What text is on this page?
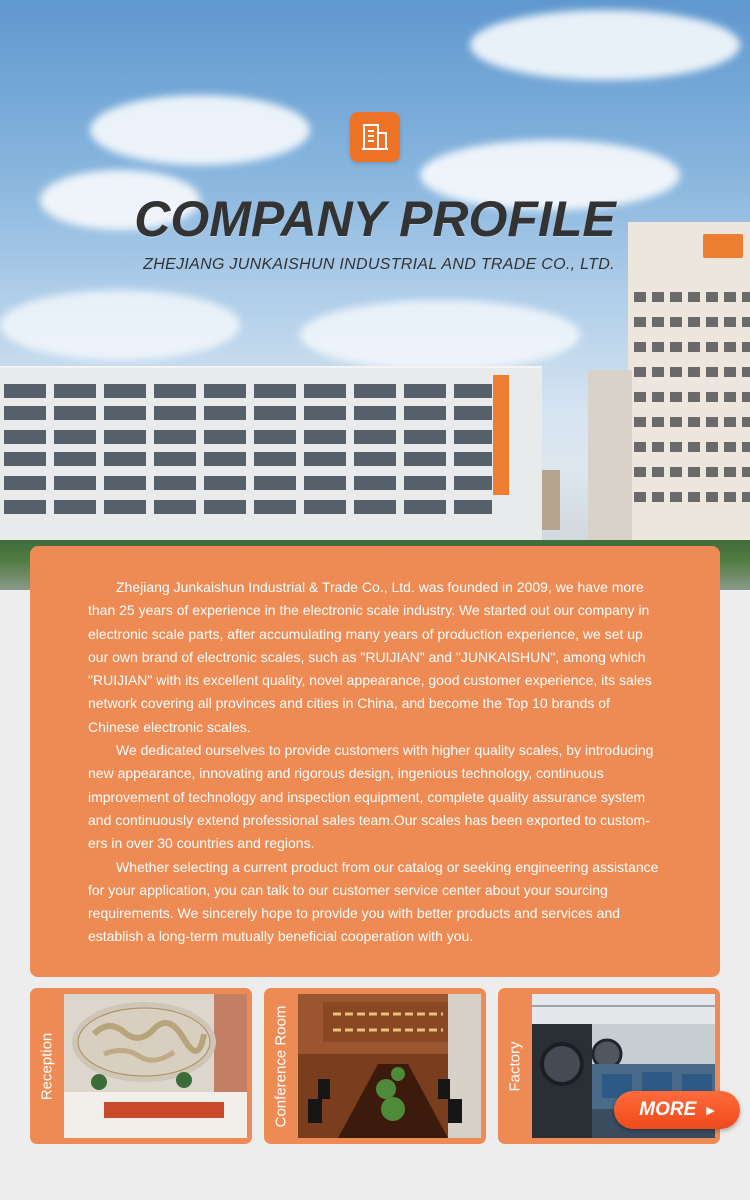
COMPANY PROFILE
ZHEJIANG JUNKAISHUN INDUSTRIAL AND TRADE CO., LTD.

Zhejiang Junkaishun Industrial & Trade Co., Ltd. was founded in 2009, we have more than 25 years of experience in the electronic scale industry. We started out our company in electronic scale parts, after accumulating many years of production experience, we set up our own brand of electronic scales, such as "RUIJIAN" and "JUNKAISHUN", among which "RUIJIAN" with its excellent quality, novel appearance, good customer experience, its sales network covering all provinces and cities in China, and become the Top 10 brands of Chinese electronic scales.

We dedicated ourselves to provide customers with higher quality scales, by introducing new appearance, innovating and rigorous design, ingenious technology, continuous improvement of technology and inspection equipment, complete quality assurance system and continuously extend professional sales team.Our scales has been exported to custom-ers in over 30 countries and regions.

Whether selecting a current product from our catalog or seeking engineering assistance for your application, you can talk to our customer service center about your sourcing requirements. We sincerely hope to provide you with better products and services and establish a long-term mutually beneficial cooperation with you.

Reception	Conference Room	Factory
MORE ▶
